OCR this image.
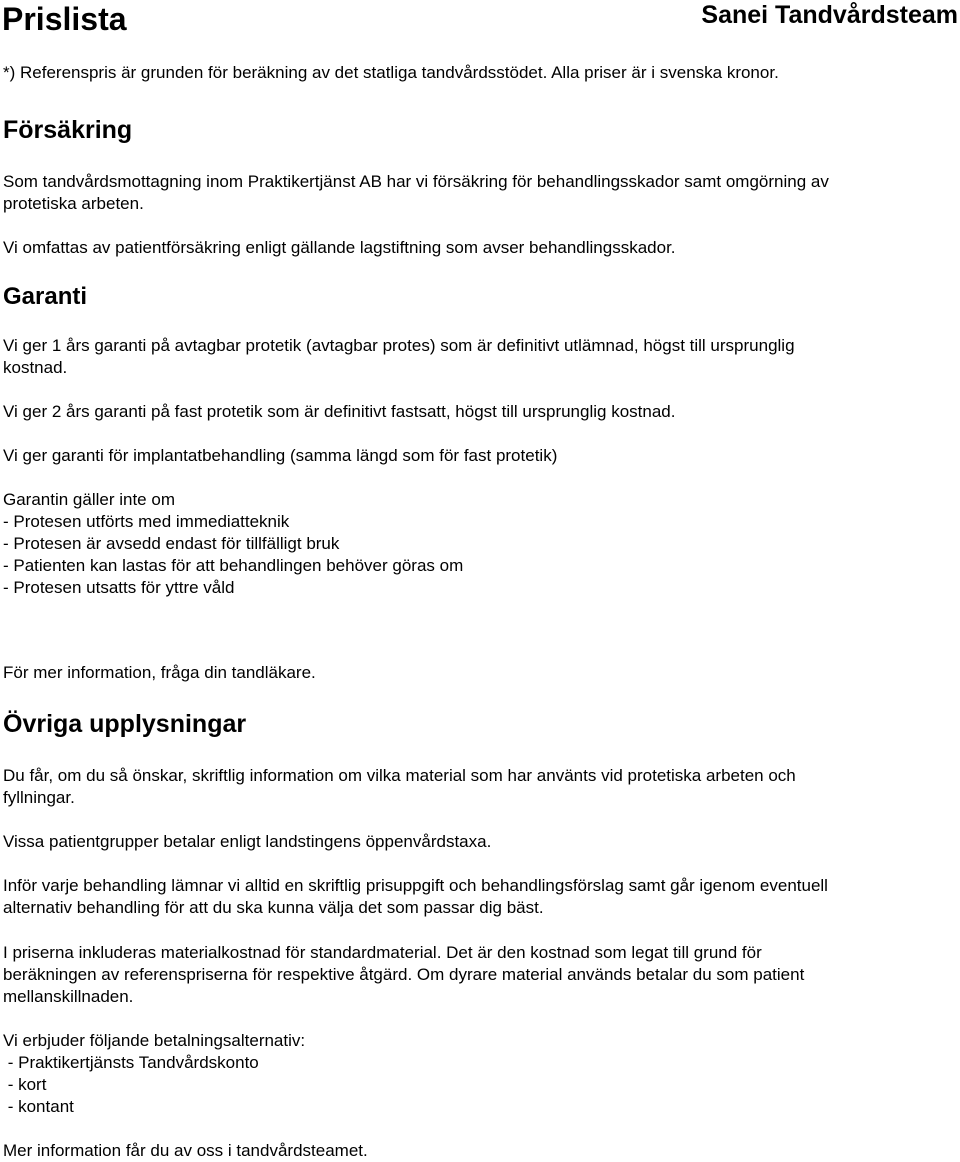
Prislista	Sanei Tandvårdsteam

*) Referenspris är grunden för beräkning av det statliga tandvårdsstödet. Alla priser är i svenska kronor.

Försäkring

Som tandvårdsmottagning inom Praktikertjänst AB har vi försäkring för behandlingsskador samt omgörning av
protetiska arbeten.

Vi omfattas av patientförsäkring enligt gällande lagstiftning som avser behandlingsskador.

Garanti

Vi ger 1 års garanti på avtagbar protetik (avtagbar protes) som är definitivt utlämnad, högst till ursprunglig
kostnad.

Vi ger 2 års garanti på fast protetik som är definitivt fastsatt, högst till ursprunglig kostnad.

Vi ger garanti för implantatbehandling (samma längd som för fast protetik)

Garantin gäller inte om
- Protesen utförts med immediatteknik
- Protesen är avsedd endast för tillfälligt bruk
- Patienten kan lastas för att behandlingen behöver göras om
- Protesen utsatts för yttre våld

För mer information, fråga din tandläkare.

Övriga upplysningar

Du får, om du så önskar, skriftlig information om vilka material som har använts vid protetiska arbeten och
fyllningar.

Vissa patientgrupper betalar enligt landstingens öppenvårdstaxa.

Inför varje behandling lämnar vi alltid en skriftlig prisuppgift och behandlingsförslag samt går igenom eventuell
alternativ behandling för att du ska kunna välja det som passar dig bäst.

I priserna inkluderas materialkostnad för standardmaterial. Det är den kostnad som legat till grund för
beräkningen av referenspriserna för respektive åtgärd. Om dyrare material används betalar du som patient
mellanskillnaden.

Vi erbjuder följande betalningsalternativ:
- Praktikertjänsts Tandvårdskonto
- kort
- kontant

Mer information får du av oss i tandvårdsteamet.
